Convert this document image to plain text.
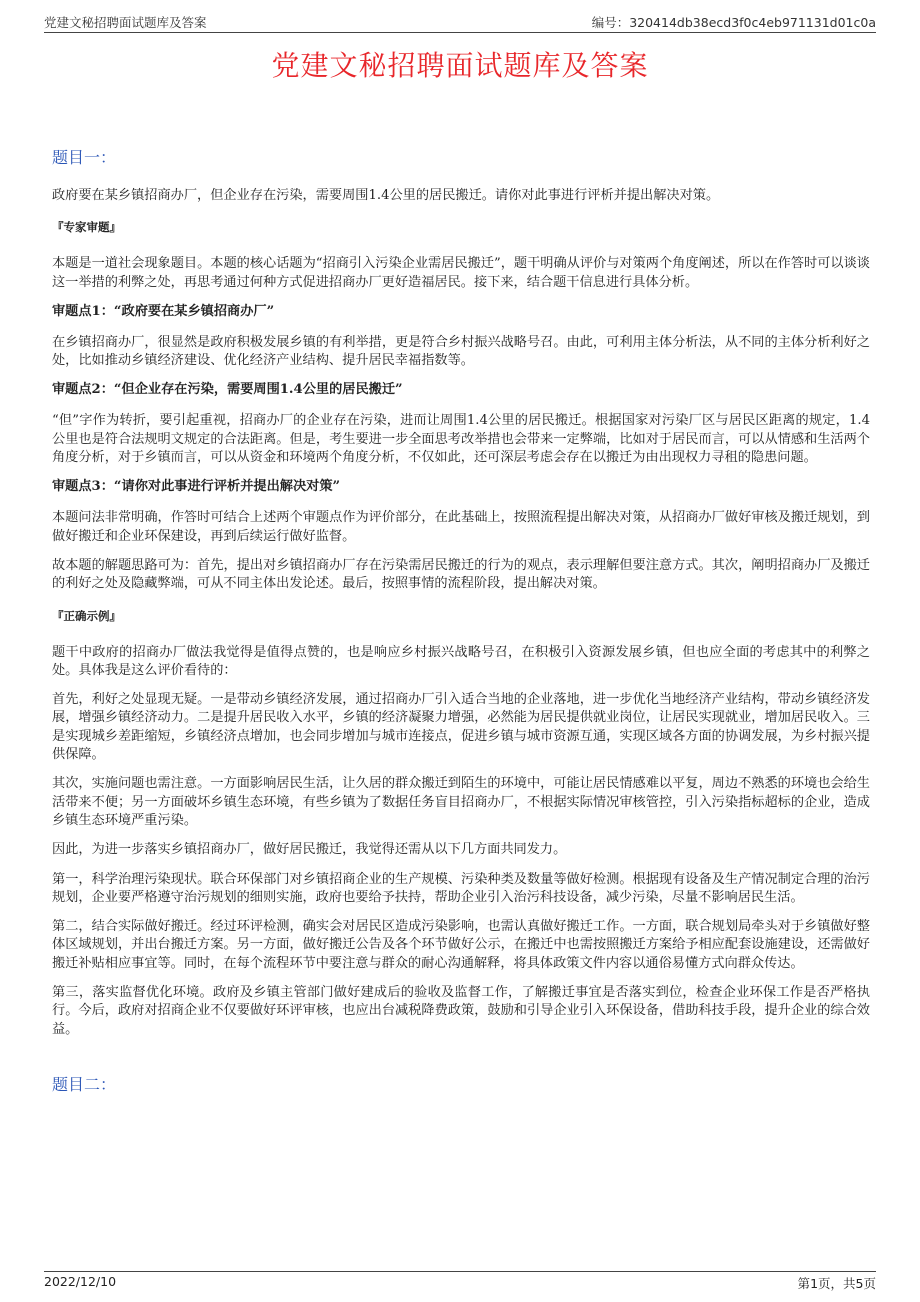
党建文秘招聘面试题库及答案	编号：320414db38ecd3f0c4eb971131d01c0a
党建文秘招聘面试题库及答案
题目一：

政府要在某乡镇招商办厂，但企业存在污染，需要周围1.4公里的居民搬迁。请你对此事进行评析并提出解决对策。

『专家审题』

本题是一道社会现象题目。本题的核心话题为“招商引入污染企业需居民搬迁”，题干明确从评价与对策两个角度阐述，所以在作答时可以谈谈这一举措的利弊之处，再思考通过何种方式促进招商办厂更好造福居民。接下来，结合题干信息进行具体分析。

审题点1：“政府要在某乡镇招商办厂”

在乡镇招商办厂，很显然是政府积极发展乡镇的有利举措，更是符合乡村振兴战略号召。由此，可利用主体分析法，从不同的主体分析利好之处，比如推动乡镇经济建设、优化经济产业结构、提升居民幸福指数等。

审题点2：“但企业存在污染，需要周围1.4公里的居民搬迁”

“但”字作为转折，要引起重视，招商办厂的企业存在污染，进而让周围1.4公里的居民搬迁。根据国家对污染厂区与居民区距离的规定，1.4公里也是符合法规明文规定的合法距离。但是，考生要进一步全面思考改举措也会带来一定弊端，比如对于居民而言，可以从情感和生活两个角度分析，对于乡镇而言，可以从资金和环境两个角度分析，不仅如此，还可深层考虑会存在以搬迁为由出现权力寻租的隐患问题。

审题点3：“请你对此事进行评析并提出解决对策”

本题问法非常明确，作答时可结合上述两个审题点作为评价部分，在此基础上，按照流程提出解决对策，从招商办厂做好审核及搬迁规划，到做好搬迁和企业环保建设，再到后续运行做好监督。

故本题的解题思路可为：首先，提出对乡镇招商办厂存在污染需居民搬迁的行为的观点，表示理解但要注意方式。其次，阐明招商办厂及搬迁的利好之处及隐藏弊端，可从不同主体出发论述。最后，按照事情的流程阶段，提出解决对策。

『正确示例』

题干中政府的招商办厂做法我觉得是值得点赞的，也是响应乡村振兴战略号召，在积极引入资源发展乡镇，但也应全面的考虑其中的利弊之处。具体我是这么评价看待的：

首先，利好之处显现无疑。一是带动乡镇经济发展，通过招商办厂引入适合当地的企业落地，进一步优化当地经济产业结构，带动乡镇经济发展，增强乡镇经济动力。二是提升居民收入水平，乡镇的经济凝聚力增强，必然能为居民提供就业岗位，让居民实现就业，增加居民收入。三是实现城乡差距缩短，乡镇经济点增加，也会同步增加与城市连接点，促进乡镇与城市资源互通，实现区域各方面的协调发展，为乡村振兴提供保障。

其次，实施问题也需注意。一方面影响居民生活，让久居的群众搬迁到陌生的环境中，可能让居民情感难以平复，周边不熟悉的环境也会给生活带来不便；另一方面破坏乡镇生态环境，有些乡镇为了数据任务盲目招商办厂，不根据实际情况审核管控，引入污染指标超标的企业，造成乡镇生态环境严重污染。

因此，为进一步落实乡镇招商办厂，做好居民搬迁，我觉得还需从以下几方面共同发力。

第一，科学治理污染现状。联合环保部门对乡镇招商企业的生产规模、污染种类及数量等做好检测。根据现有设备及生产情况制定合理的治污规划，企业要严格遵守治污规划的细则实施，政府也要给予扶持，帮助企业引入治污科技设备，减少污染，尽量不影响居民生活。

第二，结合实际做好搬迁。经过环评检测，确实会对居民区造成污染影响，也需认真做好搬迁工作。一方面，联合规划局牵头对于乡镇做好整体区域规划，并出台搬迁方案。另一方面，做好搬迁公告及各个环节做好公示，在搬迁中也需按照搬迁方案给予相应配套设施建设，还需做好搬迁补贴相应事宜等。同时，在每个流程环节中要注意与群众的耐心沟通解释，将具体政策文件内容以通俗易懂方式向群众传达。

第三，落实监督优化环境。政府及乡镇主管部门做好建成后的验收及监督工作，了解搬迁事宜是否落实到位，检查企业环保工作是否严格执行。今后，政府对招商企业不仅要做好环评审核，也应出台减税降费政策，鼓励和引导企业引入环保设备，借助科技手段，提升企业的综合效益。

题目二：
2022/12/10	第1页，共5页
